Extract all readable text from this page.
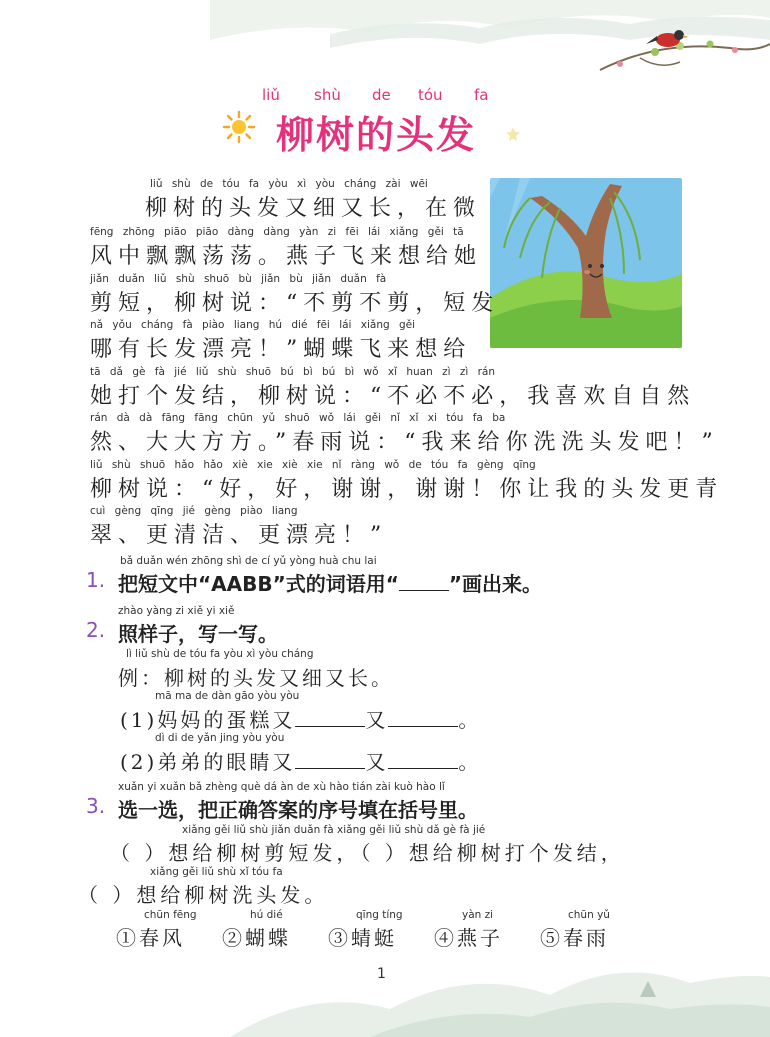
liǔ shù de tóu fa
柳树的头发
liǔ shù de tóu fa yòu xì yòu cháng zài wēi
柳树的头发又细又长，在微
fēng zhōng piāo piāo dàng dàng yàn zi fēi lái xiǎng gěi tā
风中飘飘荡荡。燕子飞来想给她
jiǎn duǎn liǔ shù shuō bù jiǎn bù jiǎn duǎn fà
剪短，柳树说：“不剪不剪，短发
nǎ yǒu cháng fà piào liang hú dié fēi lái xiǎng gěi
哪有长发漂亮！”蝴蝶飞来想给
tā dǎ gè fà jié liǔ shù shuō bú bì bú bì wǒ xǐ huan zì zì rán
她打个发结，柳树说：“不必不必，我喜欢自自然
rán dà dà fāng fāng chūn yǔ shuō wǒ lái gěi nǐ xǐ xi tóu fa ba
然、大大方方。”春雨说：“我来给你洗洗头发吧！”
liǔ shù shuō hǎo hǎo xiè xie xiè xie nǐ ràng wǒ de tóu fa gèng qīng
柳树说：“好，好，谢谢，谢谢！你让我的头发更青
cuì gèng qīng jié gèng piào liang
翠、更清洁、更漂亮！”
bǎ duǎn wén zhōng shì de cí yǔ yòng huà chu lai
1. 把短文中“AABB”式的词语用“	”画出来。
zhào yàng zi xiě yi xiě
2. 照样子，写一写。
lì liǔ shù de tóu fa yòu xì yòu cháng
例：柳树的头发又细又长。
mā ma de dàn gāo yòu yòu
(1)妈妈的蛋糕又	又	。
dì di de yǎn jing yòu yòu
(2)弟弟的眼睛又	又	。
xuǎn yi xuǎn bǎ zhèng què dá àn de xù hào tián zài kuò hào lǐ
3. 选一选，把正确答案的序号填在括号里。
xiǎng gěi liǔ shù jiǎn duǎn fà xiǎng gěi liǔ shù dǎ gè fà jié
（ ）想给柳树剪短发，（ ）想给柳树打个发结，
xiǎng gěi liǔ shù xǐ tóu fa
（ ）想给柳树洗头发。
chūn fēng
①春风
hú dié
②蝴蝶
qīng tíng
③蜻蜓
yàn zi
④燕子
chūn yǔ
⑤春雨
1
